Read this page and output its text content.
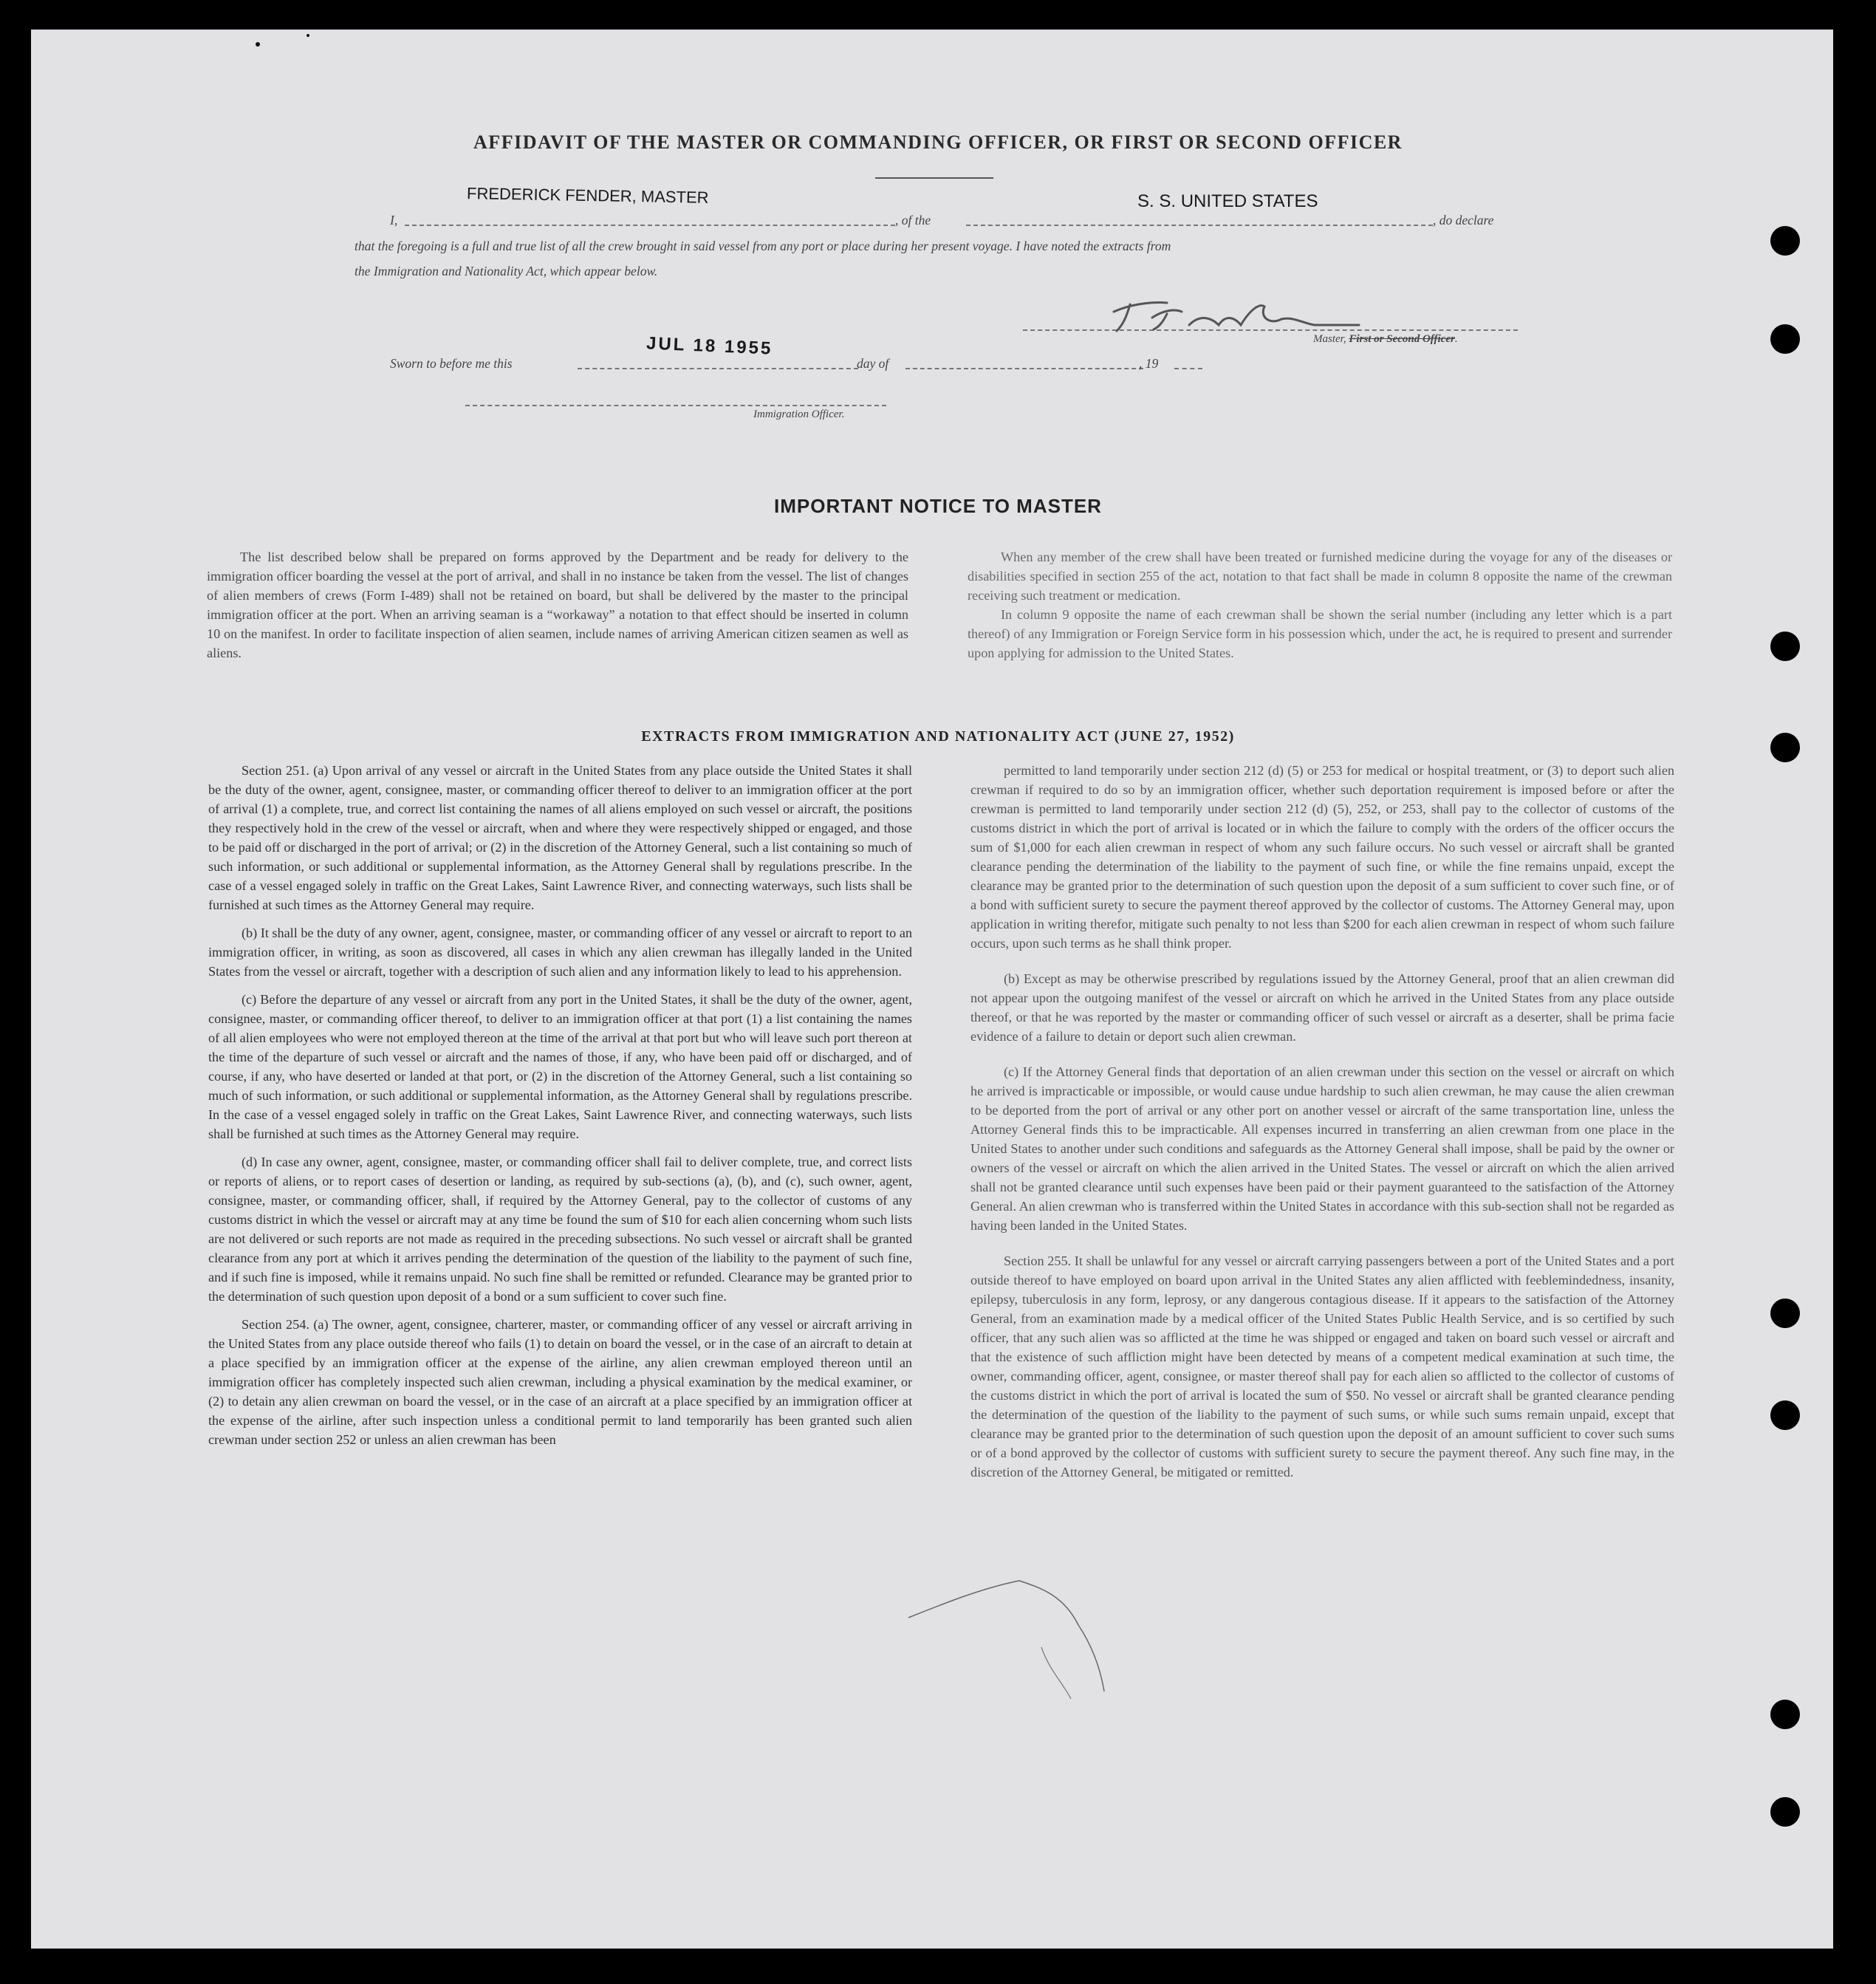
AFFIDAVIT OF THE MASTER OR COMMANDING OFFICER, OR FIRST OR SECOND OFFICER
FREDERICK FENDER, MASTER	S. S. UNITED STATES
I,	, of the	, do declare
that the foregoing is a full and true list of all the crew brought in said vessel from any port or place during her present voyage. I have noted the extracts from
the Immigration and Nationality Act, which appear below.
Master, First or Second Officer.
JUL 18 1955
Sworn to before me this	day of	, 19
Immigration Officer.
IMPORTANT NOTICE TO MASTER

The list described below shall be prepared on forms approved by the Department and be ready for delivery to the immigration officer boarding the vessel at the port of arrival, and shall in no instance be taken from the vessel. The list of changes of alien members of crews (Form I-489) shall not be retained on board, but shall be delivered by the master to the principal immigration officer at the port. When an arriving seaman is a “workaway” a notation to that effect should be inserted in column 10 on the manifest. In order to facilitate inspection of alien seamen, include names of arriving American citizen seamen as well as aliens.

When any member of the crew shall have been treated or furnished medicine during the voyage for any of the diseases or disabilities specified in section 255 of the act, notation to that fact shall be made in column 8 opposite the name of the crewman receiving such treatment or medication.

In column 9 opposite the name of each crewman shall be shown the serial number (including any letter which is a part thereof) of any Immigration or Foreign Service form in his possession which, under the act, he is required to present and surrender upon applying for admission to the United States.

EXTRACTS FROM IMMIGRATION AND NATIONALITY ACT (JUNE 27, 1952)

Section 251. (a) Upon arrival of any vessel or aircraft in the United States from any place outside the United States it shall be the duty of the owner, agent, consignee, master, or commanding officer thereof to deliver to an immigration officer at the port of arrival (1) a complete, true, and correct list containing the names of all aliens employed on such vessel or aircraft, the positions they respectively hold in the crew of the vessel or aircraft, when and where they were respectively shipped or engaged, and those to be paid off or discharged in the port of arrival; or (2) in the discretion of the Attorney General, such a list containing so much of such information, or such additional or supplemental information, as the Attorney General shall by regulations prescribe. In the case of a vessel engaged solely in traffic on the Great Lakes, Saint Lawrence River, and connecting waterways, such lists shall be furnished at such times as the Attorney General may require.

(b) It shall be the duty of any owner, agent, consignee, master, or commanding officer of any vessel or aircraft to report to an immigration officer, in writing, as soon as discovered, all cases in which any alien crewman has illegally landed in the United States from the vessel or aircraft, together with a description of such alien and any information likely to lead to his apprehension.

(c) Before the departure of any vessel or aircraft from any port in the United States, it shall be the duty of the owner, agent, consignee, master, or commanding officer thereof, to deliver to an immigration officer at that port (1) a list containing the names of all alien employees who were not employed thereon at the time of the arrival at that port but who will leave such port thereon at the time of the departure of such vessel or aircraft and the names of those, if any, who have been paid off or discharged, and of course, if any, who have deserted or landed at that port, or (2) in the discretion of the Attorney General, such a list containing so much of such information, or such additional or supplemental information, as the Attorney General shall by regulations prescribe. In the case of a vessel engaged solely in traffic on the Great Lakes, Saint Lawrence River, and connecting waterways, such lists shall be furnished at such times as the Attorney General may require.

(d) In case any owner, agent, consignee, master, or commanding officer shall fail to deliver complete, true, and correct lists or reports of aliens, or to report cases of desertion or landing, as required by sub-sections (a), (b), and (c), such owner, agent, consignee, master, or commanding officer, shall, if required by the Attorney General, pay to the collector of customs of any customs district in which the vessel or aircraft may at any time be found the sum of $10 for each alien concerning whom such lists are not delivered or such reports are not made as required in the preceding subsections. No such vessel or aircraft shall be granted clearance from any port at which it arrives pending the determination of the question of the liability to the payment of such fine, and if such fine is imposed, while it remains unpaid. No such fine shall be remitted or refunded. Clearance may be granted prior to the determination of such question upon deposit of a bond or a sum sufficient to cover such fine.

Section 254. (a) The owner, agent, consignee, charterer, master, or commanding officer of any vessel or aircraft arriving in the United States from any place outside thereof who fails (1) to detain on board the vessel, or in the case of an aircraft to detain at a place specified by an immigration officer at the expense of the airline, any alien crewman employed thereon until an immigration officer has completely inspected such alien crewman, including a physical examination by the medical examiner, or (2) to detain any alien crewman on board the vessel, or in the case of an aircraft at a place specified by an immigration officer at the expense of the airline, after such inspection unless a conditional permit to land temporarily has been granted such alien crewman under section 252 or unless an alien crewman has been

permitted to land temporarily under section 212 (d) (5) or 253 for medical or hospital treatment, or (3) to deport such alien crewman if required to do so by an immigration officer, whether such deportation requirement is imposed before or after the crewman is permitted to land temporarily under section 212 (d) (5), 252, or 253, shall pay to the collector of customs of the customs district in which the port of arrival is located or in which the failure to comply with the orders of the officer occurs the sum of $1,000 for each alien crewman in respect of whom any such failure occurs. No such vessel or aircraft shall be granted clearance pending the determination of the liability to the payment of such fine, or while the fine remains unpaid, except the clearance may be granted prior to the determination of such question upon the deposit of a sum sufficient to cover such fine, or of a bond with sufficient surety to secure the payment thereof approved by the collector of customs. The Attorney General may, upon application in writing therefor, mitigate such penalty to not less than $200 for each alien crewman in respect of whom such failure occurs, upon such terms as he shall think proper.

(b) Except as may be otherwise prescribed by regulations issued by the Attorney General, proof that an alien crewman did not appear upon the outgoing manifest of the vessel or aircraft on which he arrived in the United States from any place outside thereof, or that he was reported by the master or commanding officer of such vessel or aircraft as a deserter, shall be prima facie evidence of a failure to detain or deport such alien crewman.

(c) If the Attorney General finds that deportation of an alien crewman under this section on the vessel or aircraft on which he arrived is impracticable or impossible, or would cause undue hardship to such alien crewman, he may cause the alien crewman to be deported from the port of arrival or any other port on another vessel or aircraft of the same transportation line, unless the Attorney General finds this to be impracticable. All expenses incurred in transferring an alien crewman from one place in the United States to another under such conditions and safeguards as the Attorney General shall impose, shall be paid by the owner or owners of the vessel or aircraft on which the alien arrived in the United States. The vessel or aircraft on which the alien arrived shall not be granted clearance until such expenses have been paid or their payment guaranteed to the satisfaction of the Attorney General. An alien crewman who is transferred within the United States in accordance with this sub-section shall not be regarded as having been landed in the United States.

Section 255. It shall be unlawful for any vessel or aircraft carrying passengers between a port of the United States and a port outside thereof to have employed on board upon arrival in the United States any alien afflicted with feeblemindedness, insanity, epilepsy, tuberculosis in any form, leprosy, or any dangerous contagious disease. If it appears to the satisfaction of the Attorney General, from an examination made by a medical officer of the United States Public Health Service, and is so certified by such officer, that any such alien was so afflicted at the time he was shipped or engaged and taken on board such vessel or aircraft and that the existence of such affliction might have been detected by means of a competent medical examination at such time, the owner, commanding officer, agent, consignee, or master thereof shall pay for each alien so afflicted to the collector of customs of the customs district in which the port of arrival is located the sum of $50. No vessel or aircraft shall be granted clearance pending the determination of the question of the liability to the payment of such sums, or while such sums remain unpaid, except that clearance may be granted prior to the determination of such question upon the deposit of an amount sufficient to cover such sums or of a bond approved by the collector of customs with sufficient surety to secure the payment thereof. Any such fine may, in the discretion of the Attorney General, be mitigated or remitted.
